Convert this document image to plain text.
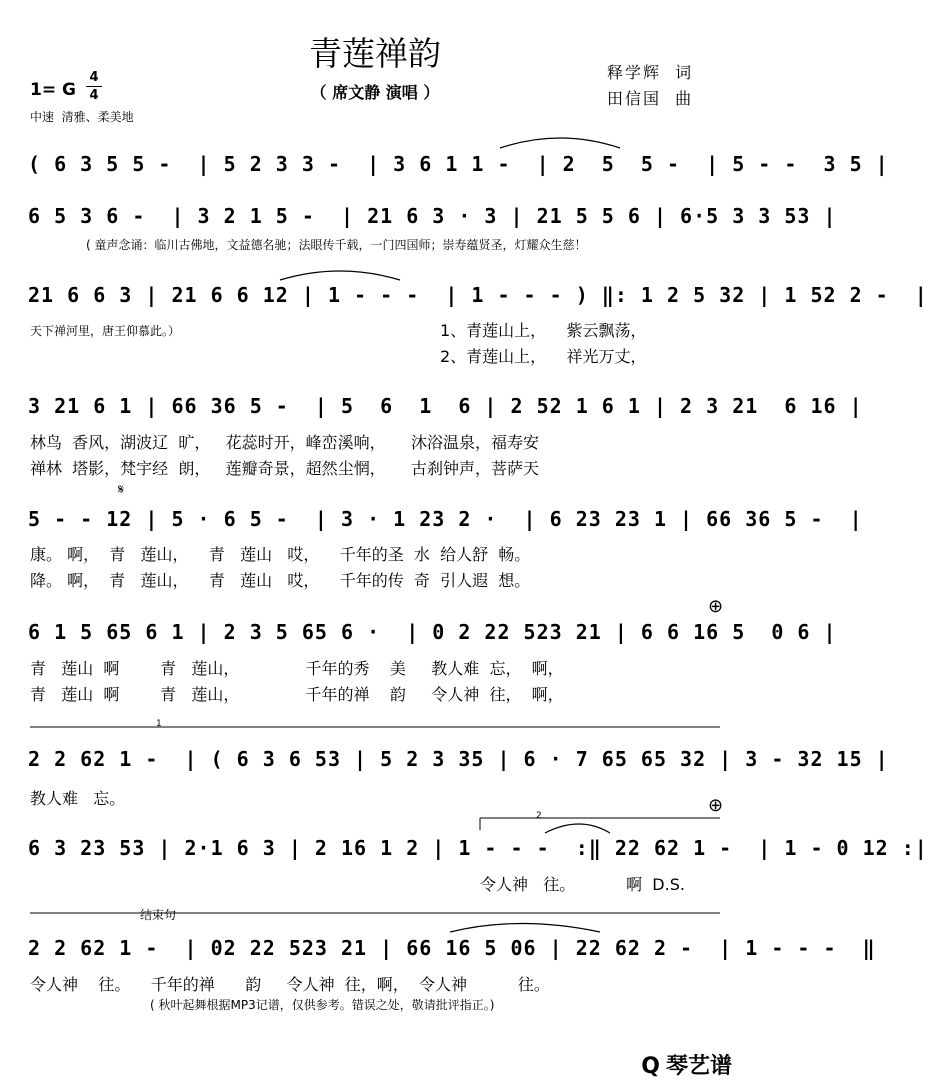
青莲禅韵
（ 席文静 演唱 ）
释学辉  词
田信国  曲
1= G
4
4
中速  清雅、柔美地
( 6 3 5 5 -  | 5 2 3 3 -  | 3 6 1 1 -  | 2  5  5 -  | 5 - -  3 5 |
6 5 3 6 -  | 3 2 1 5 -  | 21 6 3 · 3 | 21 5 5 6 | 6·5 3 3 53 |
( 童声念诵：临川古佛地，文益德名驰；法眼传千载，一门四国师；崇寿蕴贤圣，灯耀众生慈！
21 6 6 3 | 21 6 6 12 | 1 - - -  | 1 - - - ) ‖: 1 2 5 32 | 1 52 2 -  |
天下禅河里，唐王仰慕此。）	1、青莲山上，    紫云飘荡，
2、青莲山上，    祥光万丈，
3 21 6 1 | 66 36 5 -  | 5  6  1  6 | 2 52 1 6 1 | 2 3 21  6 16 |
林鸟  香风，湖波辽  旷，   花蕊时开，峰峦溪响，     沐浴温泉，福寿安
禅林  塔影，梵宇经  朗，   莲瓣奇景，超然尘惘，     古刹钟声，菩萨天
𝄋
5 - - 12 | 5 · 6 5 -  | 3 · 1 23 2 ·  | 6 23 23 1 | 66 36 5 -  |
康。 啊，  青   莲山，    青   莲山   哎，    千年的圣  水  给人舒  畅。
降。 啊，  青   莲山，    青   莲山   哎，    千年的传  奇  引人遐  想。
⊕
6 1 5 65 6 1 | 2 3 5 65 6 ·  | 0 2 22 523 21 | 6 6 16 5  0 6 |
青   莲山  啊        青   莲山，             千年的秀    美     教人难  忘，  啊，
青   莲山  啊        青   莲山，             千年的禅    韵     令人神  往，  啊，
1
2 2 62 1 -  | ( 6 3 6 53 | 5 2 3 35 | 6 · 7 65 65 32 | 3 - 32 15 |
教人难   忘。
2	⊕
6 3 23 53 | 2·1 6 3 | 2 16 1 2 | 1 - - -  :‖ 22 62 1 -  | 1 - 0 12 :|
令人神   往。          啊  D.S.
结束句
2 2 62 1 -  | 02 22 523 21 | 66 16 5 06 | 22 62 2 -  | 1 - - -  ‖
令人神    往。    千年的禅      韵     令人神  往，啊，  令人神          往。
( 秋叶起舞根据MP3记谱，仅供参考。错误之处，敬请批评指正。)

Q 琴艺谱
